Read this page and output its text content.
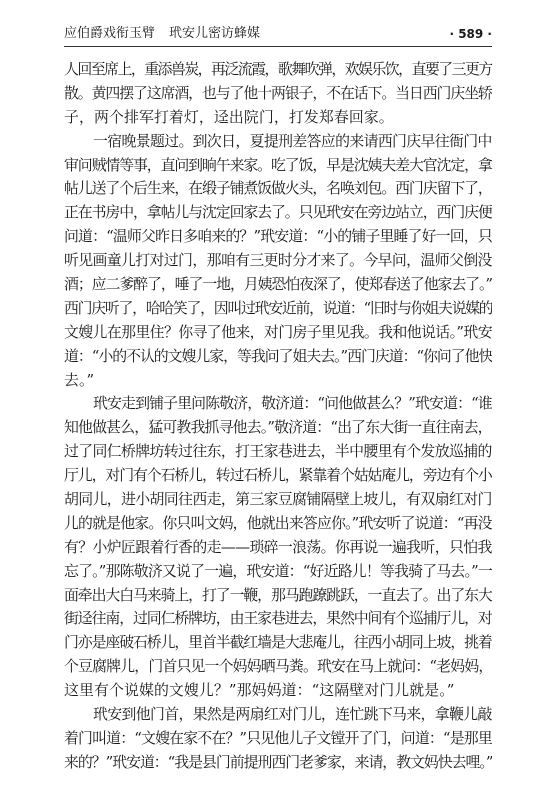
应伯爵戏衔玉臂 玳安儿密访蜂媒	· 589 ·
人回至席上，重添兽炭，再泛流霞，歌舞吹弹，欢娱乐饮，直要了三更方
散。黄四摆了这席酒，也与了他十两银子，不在话下。当日西门庆坐轿
子，两个排军打着灯，迳出院门，打发郑春回家。
一宿晚景题过。到次日，夏提刑差答应的来请西门庆早往衙门中
审问贼情等事，直问到晌午来家。吃了饭，早是沈姨夫差大官沈定，拿
帖儿送了个后生来，在缎子铺煮饭做火头，名唤刘包。西门庆留下了，
正在书房中，拿帖儿与沈定回家去了。只见玳安在旁边站立，西门庆便
问道：“温师父昨日多咱来的？”玳安道：“小的铺子里睡了好一回，只
听见画童儿打对过门，那咱有三更时分才来了。今早问，温师父倒没
酒；应二爹醉了，唾了一地，月姨恐怕夜深了，使郑春送了他家去了。”
西门庆听了，哈哈笑了，因叫过玳安近前，说道：“旧时与你姐夫说媒的
文嫂儿在那里住？你寻了他来，对门房子里见我。我和他说话。”玳安
道：“小的不认的文嫂儿家，等我问了姐夫去。”西门庆道：“你问了他快
去。”
玳安走到铺子里问陈敬济，敬济道：“问他做甚么？”玳安道：“谁
知他做甚么，猛可教我抓寻他去。”敬济道：“出了东大街一直往南去，
过了同仁桥牌坊转过往东，打王家巷进去，半中腰里有个发放巡捕的
厅儿，对门有个石桥儿，转过石桥儿，紧靠着个姑姑庵儿，旁边有个小
胡同儿，进小胡同往西走，第三家豆腐铺隔壁上坡儿，有双扇红对门
儿的就是他家。你只叫文妈，他就出来答应你。”玳安听了说道：“再没
有？小炉匠跟着行香的走——琐碎一浪荡。你再说一遍我听，只怕我
忘了。”那陈敬济又说了一遍，玳安道：“好近路儿！等我骑了马去。”一
面牵出大白马来骑上，打了一鞭，那马跑蹽跳跃，一直去了。出了东大
街迳往南，过同仁桥牌坊，由王家巷进去，果然中间有个巡捕厅儿，对
门亦是座破石桥儿，里首半截红墙是大悲庵儿，往西小胡同上坡，挑着
个豆腐牌儿，门首只见一个妈妈晒马粪。玳安在马上就问：“老妈妈，
这里有个说媒的文嫂儿？”那妈妈道：“这隔壁对门儿就是。”
玳安到他门首，果然是两扇红对门儿，连忙跳下马来，拿鞭儿敲
着门叫道：“文嫂在家不在？”只见他儿子文镗开了门，问道：“是那里
来的？”玳安道：“我是县门前提刑西门老爹家，来请，教文妈快去哩。”
